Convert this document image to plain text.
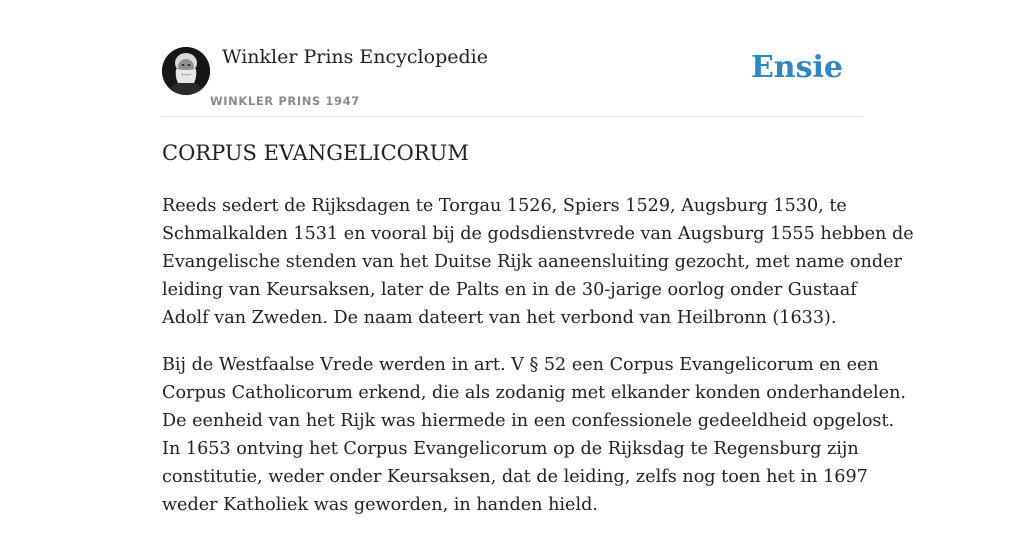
Winkler Prins Encyclopedie
WINKLER PRINS 1947
Ensie
CORPUS EVANGELICORUM

Reeds sedert de Rijksdagen te Torgau 1526, Spiers 1529, Augsburg 1530, te
Schmalkalden 1531 en vooral bij de godsdienstvrede van Augsburg 1555 hebben de
Evangelische stenden van het Duitse Rijk aaneensluiting gezocht, met name onder
leiding van Keursaksen, later de Palts en in de 30-jarige oorlog onder Gustaaf
Adolf van Zweden. De naam dateert van het verbond van Heilbronn (1633).

Bij de Westfaalse Vrede werden in art. V § 52 een Corpus Evangelicorum en een
Corpus Catholicorum erkend, die als zodanig met elkander konden onderhandelen.
De eenheid van het Rijk was hiermede in een confessionele gedeeldheid opgelost.
In 1653 ontving het Corpus Evangelicorum op de Rijksdag te Regensburg zijn
constitutie, weder onder Keursaksen, dat de leiding, zelfs nog toen het in 1697
weder Katholiek was geworden, in handen hield.
